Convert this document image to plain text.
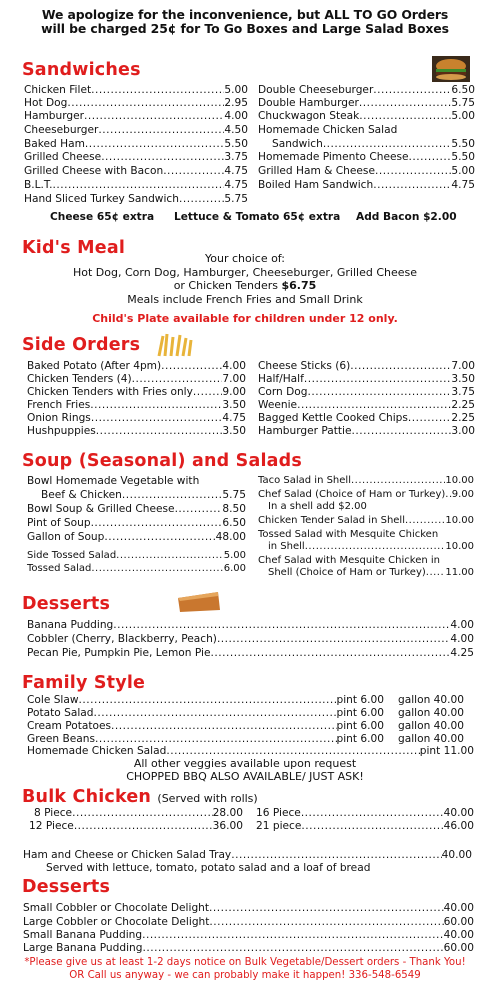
We apologize for the inconvenience, but ALL TO GO Orders
will be charged 25¢ for To Go Boxes and Large Salad Boxes
Sandwiches
Chicken Filet .....	5.00
Hot Dog .....	2.95
Hamburger .....	4.00
Cheeseburger .....	4.50
Baked Ham .....	5.50
Grilled Cheese .....	3.75
Grilled Cheese with Bacon .....	4.75
B.L.T. .....	4.75
Hand Sliced Turkey Sandwich .....	5.75
Double Cheeseburger .....	6.50
Double Hamburger .....	5.75
Chuckwagon Steak .....	5.00
Homemade Chicken Salad
Sandwich .....	5.50
Homemade Pimento Cheese .....	5.50
Grilled Ham & Cheese .....	5.00
Boiled Ham Sandwich .....	4.75
Cheese 65¢ extra Lettuce & Tomato 65¢ extra Add Bacon $2.00
Kid's Meal
Your choice of:
Hot Dog, Corn Dog, Hamburger, Cheeseburger, Grilled Cheese
or Chicken Tenders $6.75
Meals include French Fries and Small Drink
Child's Plate available for children under 12 only.
Side Orders
Baked Potato (After 4pm) .....	4.00
Chicken Tenders (4) .....	7.00
Chicken Tenders with Fries only .....	9.00
French Fries .....	3.50
Onion Rings .....	4.75
Hushpuppies .....	3.50
Cheese Sticks (6) .....	7.00
Half/Half .....	3.50
Corn Dog .....	3.75
Weenie .....	2.25
Bagged Kettle Cooked Chips .....	2.25
Hamburger Pattie .....	3.00
Soup (Seasonal) and Salads
Bowl Homemade Vegetable with
Beef & Chicken .....	5.75
Bowl Soup & Grilled Cheese .....	8.50
Pint of Soup .....	6.50
Gallon of Soup .....	48.00
Side Tossed Salad .....	5.00
Tossed Salad .....	6.00
Taco Salad in Shell .....	10.00
Chef Salad (Choice of Ham or Turkey) ..... 9.00
In a shell add $2.00
Chicken Tender Salad in Shell .....	10.00
Tossed Salad with Mesquite Chicken
in Shell .....	10.00
Chef Salad with Mesquite Chicken in
Shell (Choice of Ham or Turkey) ..... 11.00
Desserts
Banana Pudding .....	4.00
Cobbler (Cherry, Blackberry, Peach) .....	4.00
Pecan Pie, Pumpkin Pie, Lemon Pie .....	4.25
Family Style
Cole Slaw .....	pint 6.00 gallon 40.00
Potato Salad .....	pint 6.00 gallon 40.00
Cream Potatoes .....	pint 6.00 gallon 40.00
Green Beans .....	pint 6.00 gallon 40.00
Homemade Chicken Salad .....	pint 11.00
All other veggies available upon request
CHOPPED BBQ ALSO AVAILABLE/ JUST ASK!
Bulk Chicken (Served with rolls)
8 Piece .....	28.00
12 Piece .....	36.00
16 Piece .....	40.00
21 piece .....	46.00
Ham and Cheese or Chicken Salad Tray .....	40.00
Served with lettuce, tomato, potato salad and a loaf of bread
Desserts
Small Cobbler or Chocolate Delight .....	40.00
Large Cobbler or Chocolate Delight .....	60.00
Small Banana Pudding .....	40.00
Large Banana Pudding .....	60.00
*Please give us at least 1-2 days notice on Bulk Vegetable/Dessert orders - Thank You!
OR Call us anyway - we can probably make it happen! 336-548-6549
